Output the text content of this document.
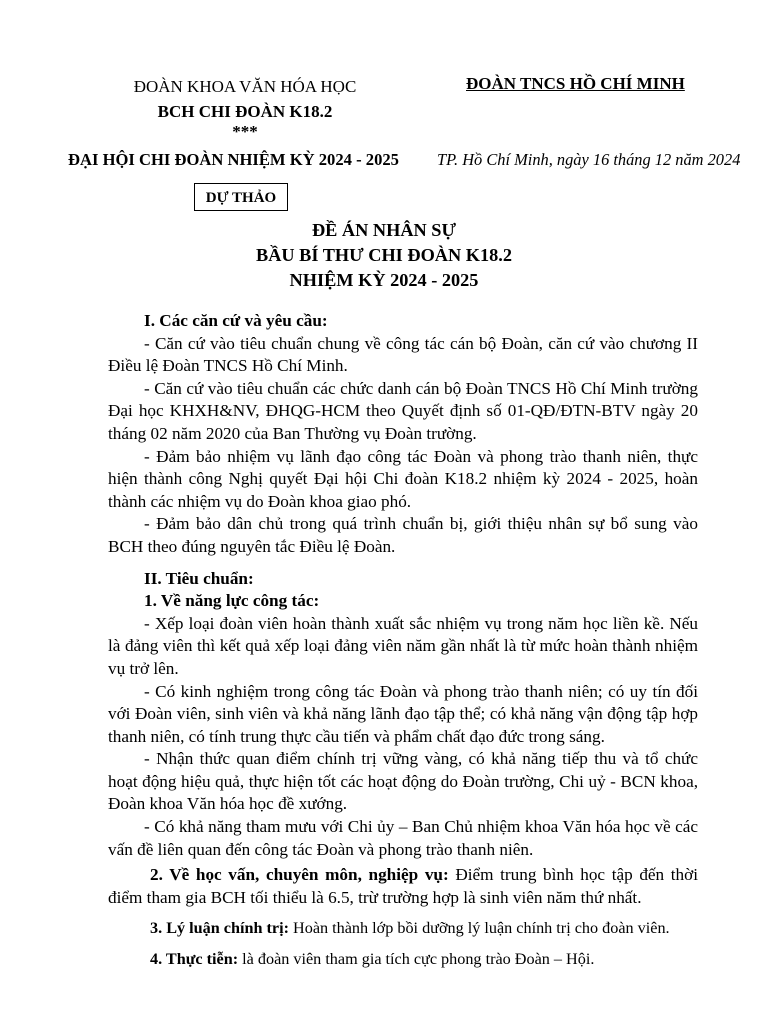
ĐOÀN KHOA VĂN HÓA HỌC
BCH CHI ĐOÀN K18.2
***
ĐOÀN TNCS HỒ CHÍ MINH
ĐẠI HỘI CHI ĐOÀN NHIỆM KỲ 2024 - 2025 TP. Hồ Chí Minh, ngày 16 tháng 12 năm 2024
DỰ THẢO
ĐỀ ÁN NHÂN SỰ
BẦU BÍ THƯ CHI ĐOÀN K18.2
NHIỆM KỲ 2024 - 2025

I. Các căn cứ và yêu cầu:

- Căn cứ vào tiêu chuẩn chung về công tác cán bộ Đoàn, căn cứ vào chương II Điều lệ Đoàn TNCS Hồ Chí Minh.

- Căn cứ vào tiêu chuẩn các chức danh cán bộ Đoàn TNCS Hồ Chí Minh trường Đại học KHXH&NV, ĐHQG-HCM theo Quyết định số 01-QĐ/ĐTN-BTV ngày 20 tháng 02 năm 2020 của Ban Thường vụ Đoàn trường.

- Đảm bảo nhiệm vụ lãnh đạo công tác Đoàn và phong trào thanh niên, thực hiện thành công Nghị quyết Đại hội Chi đoàn K18.2 nhiệm kỳ 2024 - 2025, hoàn thành các nhiệm vụ do Đoàn khoa giao phó.

- Đảm bảo dân chủ trong quá trình chuẩn bị, giới thiệu nhân sự bổ sung vào BCH theo đúng nguyên tắc Điều lệ Đoàn.

II. Tiêu chuẩn:

1. Về năng lực công tác:

- Xếp loại đoàn viên hoàn thành xuất sắc nhiệm vụ trong năm học liền kề. Nếu là đảng viên thì kết quả xếp loại đảng viên năm gần nhất là từ mức hoàn thành nhiệm vụ trở lên.

- Có kinh nghiệm trong công tác Đoàn và phong trào thanh niên; có uy tín đối với Đoàn viên, sinh viên và khả năng lãnh đạo tập thể; có khả năng vận động tập hợp thanh niên, có tính trung thực cầu tiến và phẩm chất đạo đức trong sáng.

- Nhận thức quan điểm chính trị vững vàng, có khả năng tiếp thu và tổ chức hoạt động hiệu quả, thực hiện tốt các hoạt động do Đoàn trường, Chi uỷ - BCN khoa, Đoàn khoa Văn hóa học đề xướng.

- Có khả năng tham mưu với Chi ủy – Ban Chủ nhiệm khoa Văn hóa học về các vấn đề liên quan đến công tác Đoàn và phong trào thanh niên.

2. Về học vấn, chuyên môn, nghiệp vụ: Điểm trung bình học tập đến thời điểm tham gia BCH tối thiểu là 6.5, trừ trường hợp là sinh viên năm thứ nhất.

3. Lý luận chính trị: Hoàn thành lớp bồi dưỡng lý luận chính trị cho đoàn viên.

4. Thực tiễn: là đoàn viên tham gia tích cực phong trào Đoàn – Hội.
